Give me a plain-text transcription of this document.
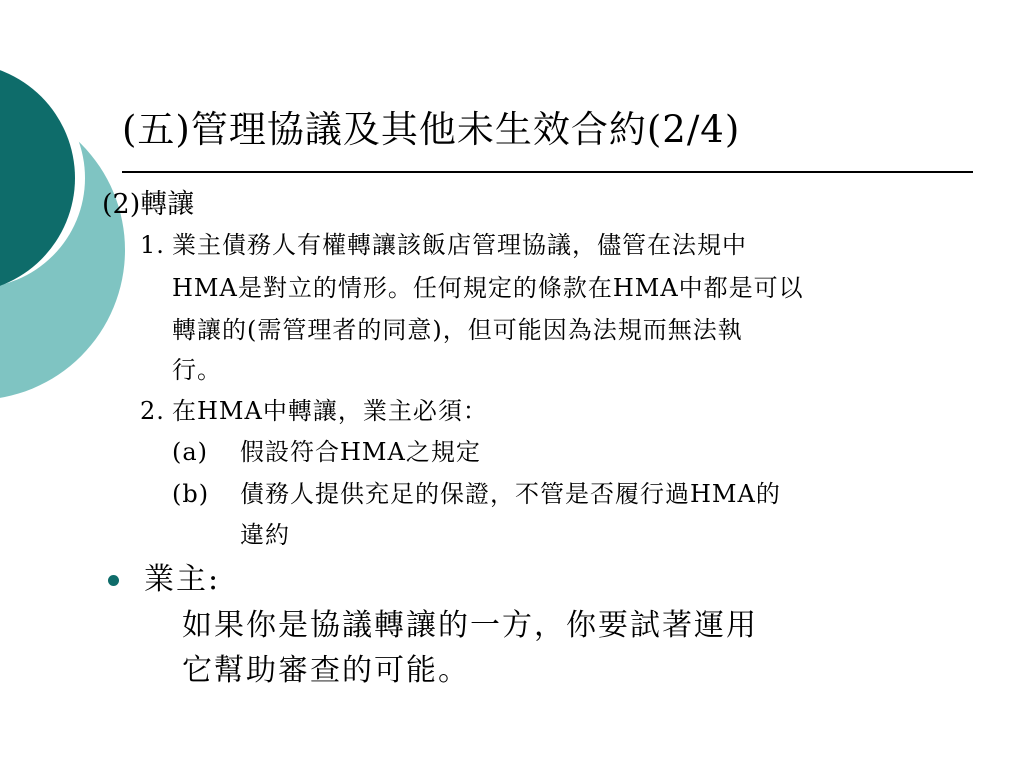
(五)管理協議及其他未生效合約(2/4)
(2)轉讓
1. 業主債務人有權轉讓該飯店管理協議，儘管在法規中
HMA是對立的情形。任何規定的條款在HMA中都是可以
轉讓的(需管理者的同意)，但可能因為法規而無法執
行。
2. 在HMA中轉讓，業主必須：
(a) 假設符合HMA之規定
(b) 債務人提供充足的保證，不管是否履行過HMA的
違約
業主:
如果你是協議轉讓的一方，你要試著運用
它幫助審查的可能。
